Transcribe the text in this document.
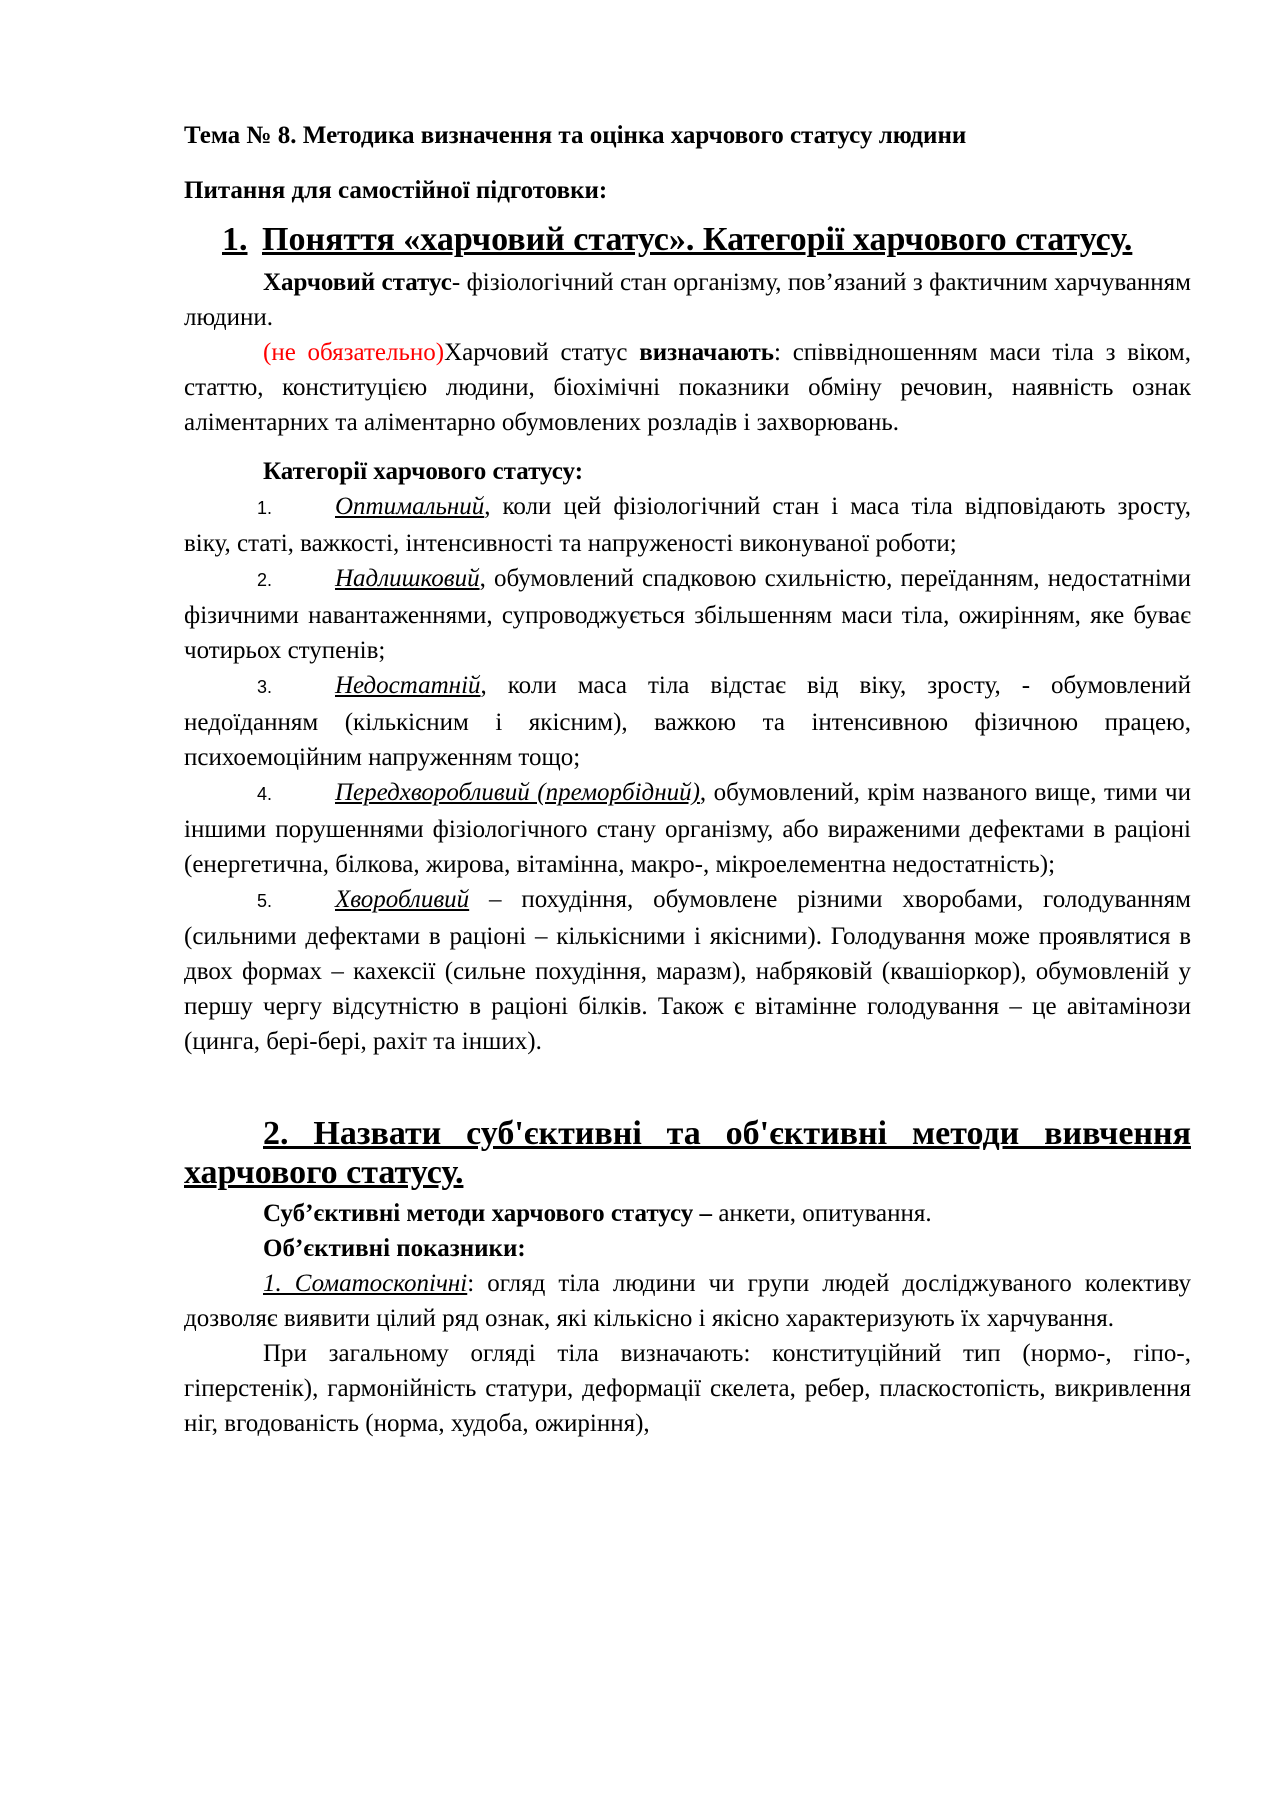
Тема № 8. Методика визначення та оцінка харчового статусу людини

Питання для самостійної підготовки:

1. Поняття «харчовий статус». Категорії харчового статусу.

Харчовий статус- фізіологічний стан організму, пов’язаний з фактичним харчуванням людини.

(не обязательно)Харчовий статус визначають: співвідношенням маси тіла з віком, статтю, конституцією людини, біохімічні показники обміну речовин, наявність ознак аліментарних та аліментарно обумовлених розладів і захворювань.

Категорії харчового статусу:

1.	Оптимальний, коли цей фізіологічний стан і маса тіла відповідають зросту, віку, статі, важкості, інтенсивності та напруженості виконуваної роботи;

2.	Надлишковий, обумовлений спадковою схильністю, переїданням, недостатніми фізичними навантаженнями, супроводжується збільшенням маси тіла, ожирінням, яке буває чотирьох ступенів;

3.	Недостатній, коли маса тіла відстає від віку, зросту, - обумовлений недоїданням (кількісним і якісним), важкою та інтенсивною фізичною працею, психоемоційним напруженням тощо;

4.	Передхворобливий (преморбідний), обумовлений, крім названого вище, тими чи іншими порушеннями фізіологічного стану організму, або вираженими дефектами в раціоні (енергетична, білкова, жирова, вітамінна, макро-, мікроелементна недостатність);

5.	Хворобливий – похудіння, обумовлене різними хворобами, голодуванням (сильними дефектами в раціоні – кількісними і якісними). Голодування може проявлятися в двох формах – кахексії (сильне похудіння, маразм), набряковій (квашіоркор), обумовленій у першу чергу відсутністю в раціоні білків. Також є вітамінне голодування – це авітамінози (цинга, бері-бері, рахіт та інших).

2. Назвати суб'єктивні та об'єктивні методи вивчення харчового статусу.

Суб’єктивні методи харчового статусу – анкети, опитування.

Об’єктивні показники:

1. Соматоскопічні: огляд тіла людини чи групи людей досліджуваного колективу дозволяє виявити цілий ряд ознак, які кількісно і якісно характеризують їх харчування.

При загальному огляді тіла визначають: конституційний тип (нормо-, гіпо-, гіперстенік), гармонійність статури, деформації скелета, ребер, пласкостопість, викривлення ніг, вгодованість (норма, худоба, ожиріння),
